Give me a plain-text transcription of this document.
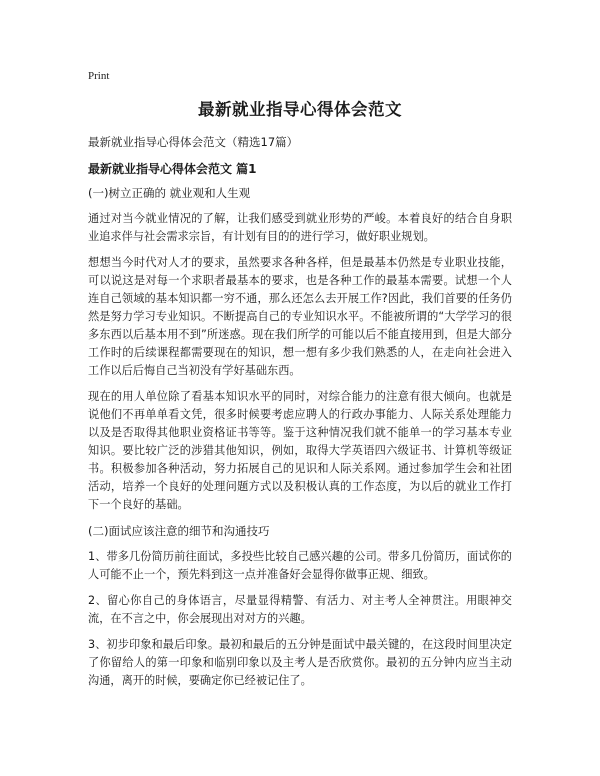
Print
最新就业指导心得体会范文
最新就业指导心得体会范文（精选17篇）
最新就业指导心得体会范文 篇1
(一)树立正确的 就业观和人生观
通过对当今就业情况的了解，让我们感受到就业形势的严峻。本着良好的结合自身职业追求伴与社会需求宗旨，有计划有目的的进行学习，做好职业规划。
想想当今时代对人才的要求，虽然要求各种各样，但是最基本仍然是专业职业技能，可以说这是对每一个求职者最基本的要求，也是各种工作的最基本需要。试想一个人连自己领域的基本知识都一穷不通，那么还怎么去开展工作?因此，我们首要的任务仍然是努力学习专业知识。不断提高自己的专业知识水平。不能被所谓的“大学学习的很多东西以后基本用不到”所迷惑。现在我们所学的可能以后不能直接用到，但是大部分工作时的后续课程都需要现在的知识，想一想有多少我们熟悉的人，在走向社会进入工作以后后悔自己当初没有学好基础东西。
现在的用人单位除了看基本知识水平的同时，对综合能力的注意有很大倾向。也就是说他们不再单单看文凭，很多时候要考虑应聘人的行政办事能力、人际关系处理能力以及是否取得其他职业资格证书等等。鉴于这种情况我们就不能单一的学习基本专业知识。要比较广泛的涉猎其他知识，例如，取得大学英语四六级证书、计算机等级证书。积极参加各种活动，努力拓展自己的见识和人际关系网。通过参加学生会和社团活动，培养一个良好的处理问题方式以及积极认真的工作态度，为以后的就业工作打下一个良好的基础。
(二)面试应该注意的细节和沟通技巧
1、带多几份简历前往面试，多投些比较自己感兴趣的公司。带多几份简历，面试你的人可能不止一个，预先料到这一点并准备好会显得你做事正规、细致。
2、留心你自己的身体语言，尽量显得精警、有活力、对主考人全神贯注。用眼神交流，在不言之中，你会展现出对对方的兴趣。
3、初步印象和最后印象。最初和最后的五分钟是面试中最关键的，在这段时间里决定了你留给人的第一印象和临别印象以及主考人是否欣赏你。最初的五分钟内应当主动沟通，离开的时候，要确定你已经被记住了。
